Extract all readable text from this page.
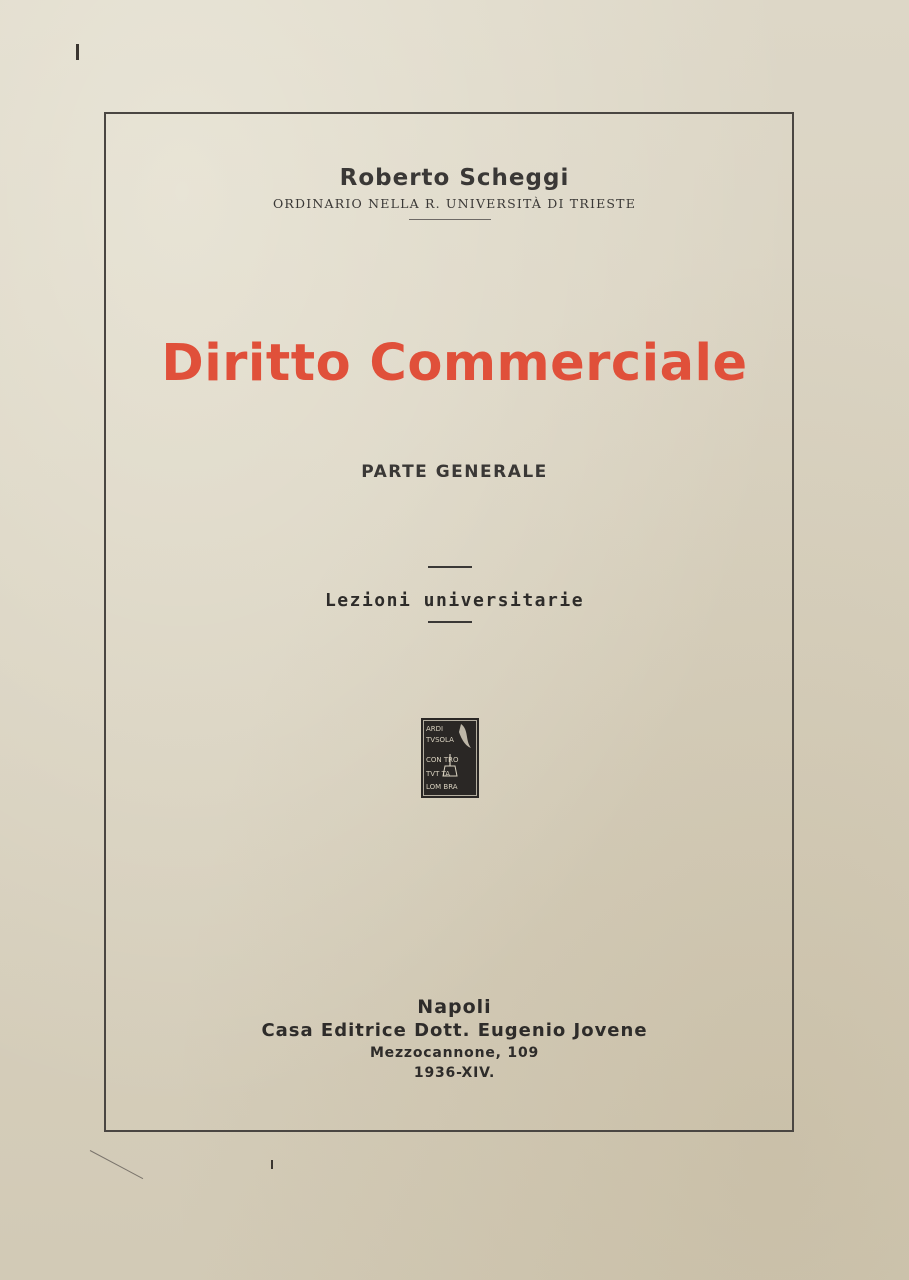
Roberto Scheggi
ORDINARIO NELLA R. UNIVERSITÀ DI TRIESTE
Diritto Commerciale
PARTE GENERALE
Lezioni universitarie
ARDI
TVSOLA
CON TRO
TVT TA
LOM BRA
Napoli
Casa Editrice Dott. Eugenio Jovene
Mezzocannone, 109
1936-XIV.
